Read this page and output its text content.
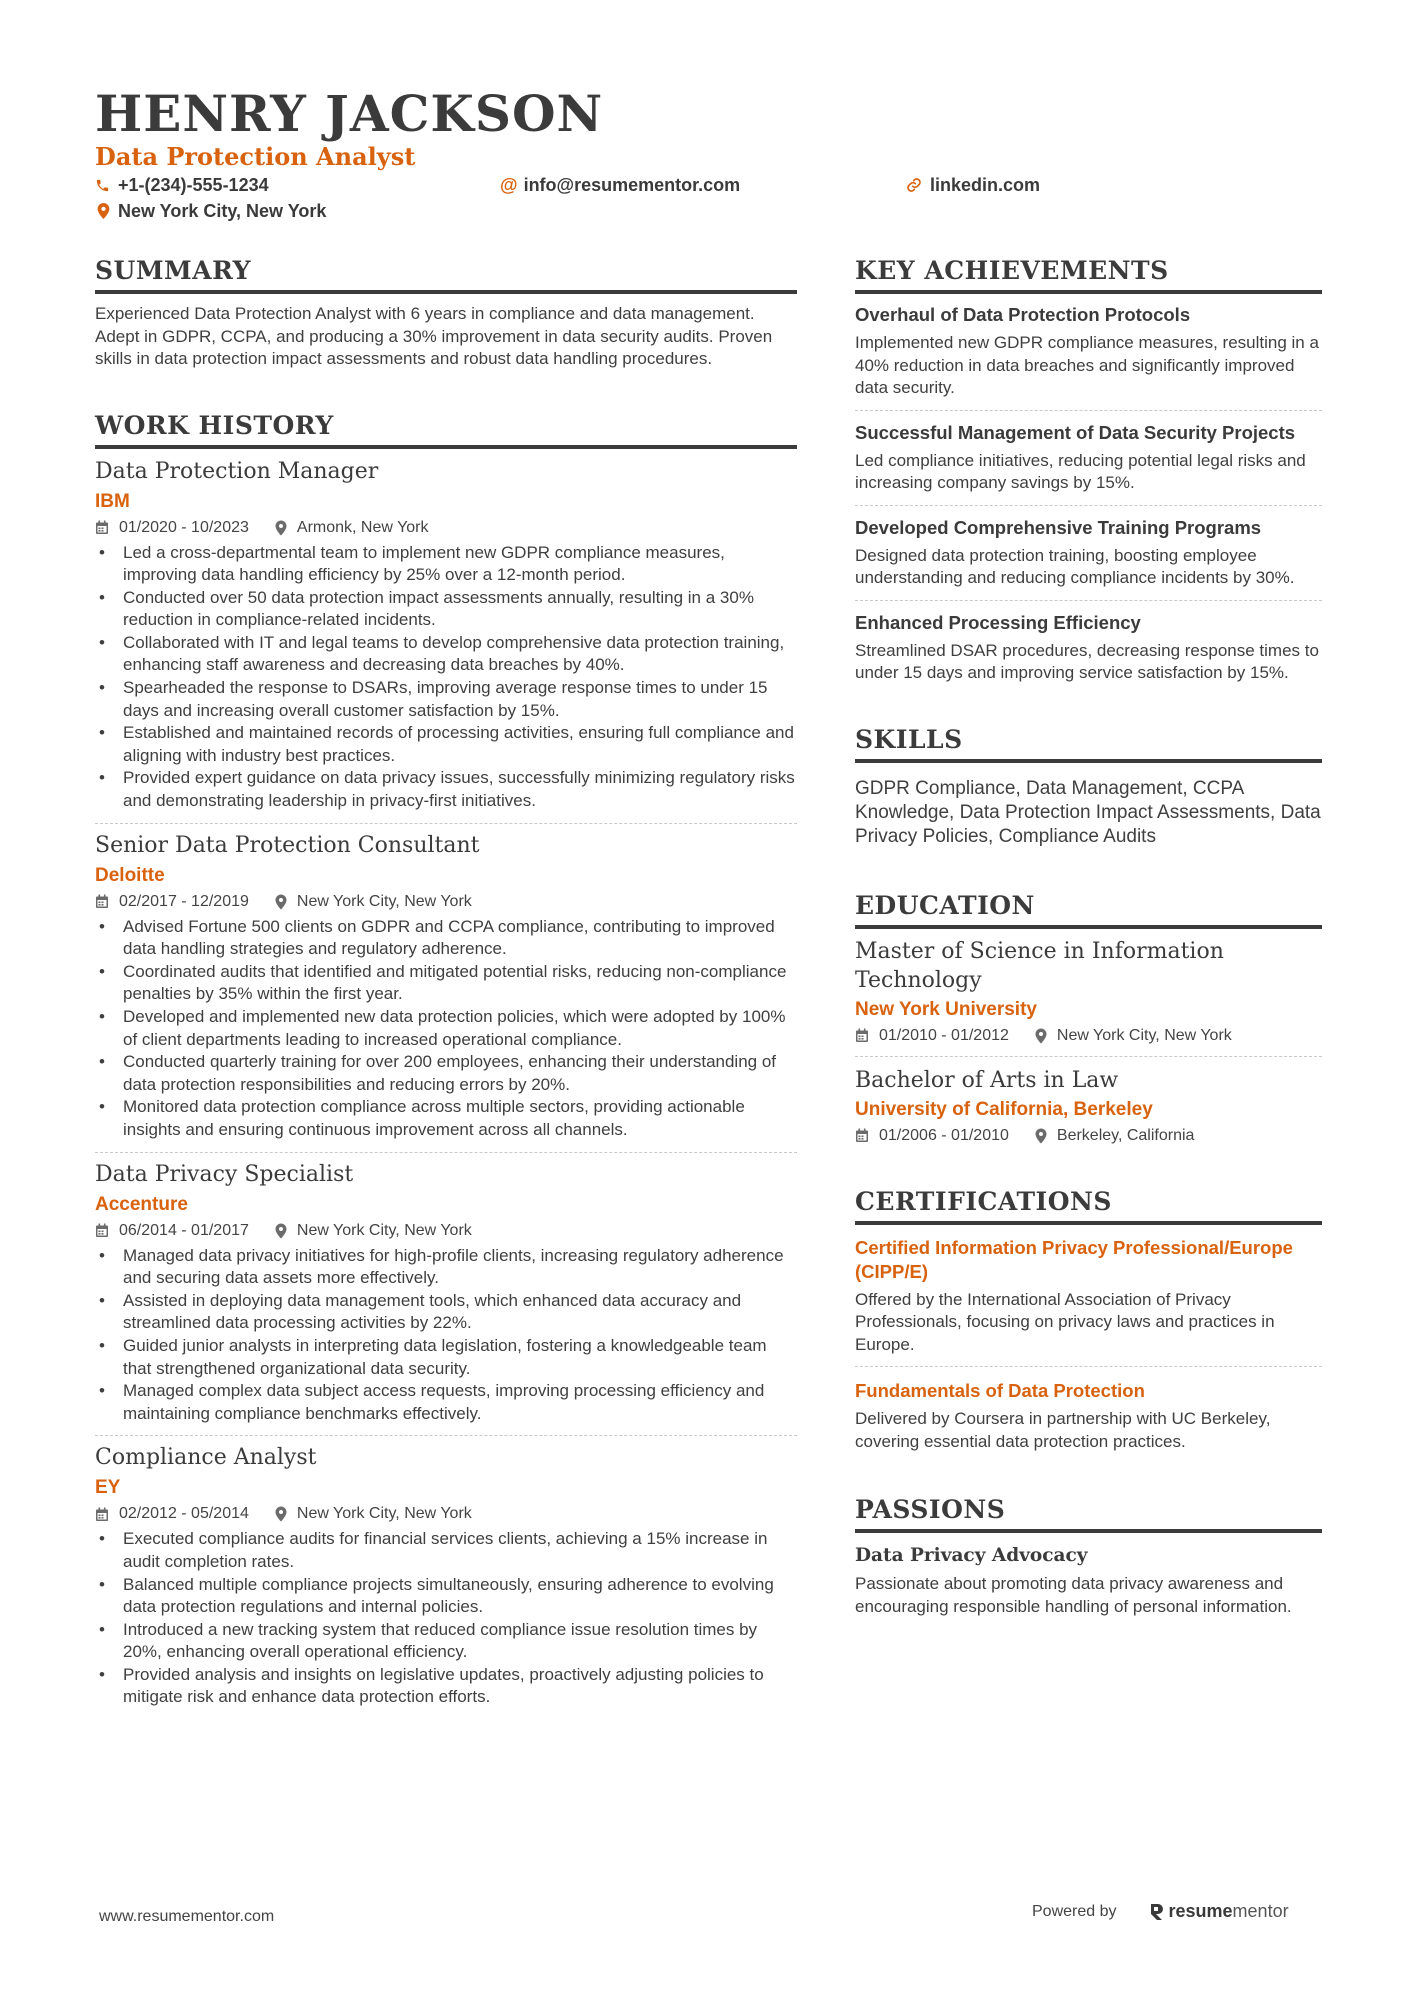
HENRY JACKSON
Data Protection Analyst
+1-(234)-555-1234	@ info@resumementor.com	linkedin.com
New York City, New York
SUMMARY
Experienced Data Protection Analyst with 6 years in compliance and data management. Adept in GDPR, CCPA, and producing a 30% improvement in data security audits. Proven skills in data protection impact assessments and robust data handling procedures.
WORK HISTORY
Data Protection Manager
IBM
01/2020 - 10/2023	Armonk, New York
• Led a cross-departmental team to implement new GDPR compliance measures, improving data handling efficiency by 25% over a 12-month period.
• Conducted over 50 data protection impact assessments annually, resulting in a 30% reduction in compliance-related incidents.
• Collaborated with IT and legal teams to develop comprehensive data protection training, enhancing staff awareness and decreasing data breaches by 40%.
• Spearheaded the response to DSARs, improving average response times to under 15 days and increasing overall customer satisfaction by 15%.
• Established and maintained records of processing activities, ensuring full compliance and aligning with industry best practices.
• Provided expert guidance on data privacy issues, successfully minimizing regulatory risks and demonstrating leadership in privacy-first initiatives.
Senior Data Protection Consultant
Deloitte
02/2017 - 12/2019	New York City, New York
• Advised Fortune 500 clients on GDPR and CCPA compliance, contributing to improved data handling strategies and regulatory adherence.
• Coordinated audits that identified and mitigated potential risks, reducing non-compliance penalties by 35% within the first year.
• Developed and implemented new data protection policies, which were adopted by 100% of client departments leading to increased operational compliance.
• Conducted quarterly training for over 200 employees, enhancing their understanding of data protection responsibilities and reducing errors by 20%.
• Monitored data protection compliance across multiple sectors, providing actionable insights and ensuring continuous improvement across all channels.
Data Privacy Specialist
Accenture
06/2014 - 01/2017	New York City, New York
• Managed data privacy initiatives for high-profile clients, increasing regulatory adherence and securing data assets more effectively.
• Assisted in deploying data management tools, which enhanced data accuracy and streamlined data processing activities by 22%.
• Guided junior analysts in interpreting data legislation, fostering a knowledgeable team that strengthened organizational data security.
• Managed complex data subject access requests, improving processing efficiency and maintaining compliance benchmarks effectively.
Compliance Analyst
EY
02/2012 - 05/2014	New York City, New York
• Executed compliance audits for financial services clients, achieving a 15% increase in audit completion rates.
• Balanced multiple compliance projects simultaneously, ensuring adherence to evolving data protection regulations and internal policies.
• Introduced a new tracking system that reduced compliance issue resolution times by 20%, enhancing overall operational efficiency.
• Provided analysis and insights on legislative updates, proactively adjusting policies to mitigate risk and enhance data protection efforts.
KEY ACHIEVEMENTS
Overhaul of Data Protection Protocols
Implemented new GDPR compliance measures, resulting in a 40% reduction in data breaches and significantly improved data security.
Successful Management of Data Security Projects
Led compliance initiatives, reducing potential legal risks and increasing company savings by 15%.
Developed Comprehensive Training Programs
Designed data protection training, boosting employee understanding and reducing compliance incidents by 30%.
Enhanced Processing Efficiency
Streamlined DSAR procedures, decreasing response times to under 15 days and improving service satisfaction by 15%.
SKILLS
GDPR Compliance, Data Management, CCPA Knowledge, Data Protection Impact Assessments, Data Privacy Policies, Compliance Audits
EDUCATION
Master of Science in Information Technology
New York University
01/2010 - 01/2012	New York City, New York
Bachelor of Arts in Law
University of California, Berkeley
01/2006 - 01/2010	Berkeley, California
CERTIFICATIONS
Certified Information Privacy Professional/Europe (CIPP/E)
Offered by the International Association of Privacy Professionals, focusing on privacy laws and practices in Europe.
Fundamentals of Data Protection
Delivered by Coursera in partnership with UC Berkeley, covering essential data protection practices.
PASSIONS
Data Privacy Advocacy
Passionate about promoting data privacy awareness and encouraging responsible handling of personal information.
www.resumementor.com	Powered by	resume mentor
